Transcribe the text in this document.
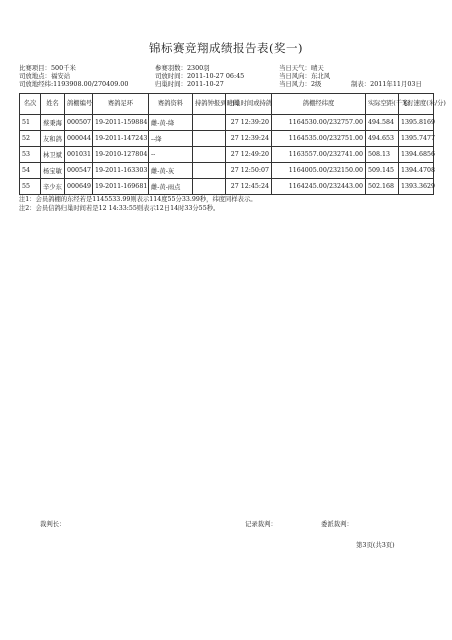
锦标赛竞翔成绩报告表(奖一)
比赛项目：500千米	参赛羽数：2300羽	当日天气：晴天
司放地点：福安站	司放时间：2011-10-27 06:45	当日风向：东北风
司放地经纬:1193908.00/270409.00	归巢时间：2011-10-27	当日风力：2级	制表：2011年11月03日
名次	姓名	鸽棚编号	赛鸽足环	赛鸽资料	持鸽钟报到时间	归巢时间或持鸽	鸽棚经纬度	实际空距(千米)	飞行速度(米/分)
51	蔡秉海	000507	19-2011-159884	雌-黄-绛		27 12:39:20	1164530.00/232757.00	494.584	1395.8169
52	友和鸽	000044	19-2011-147243	--绛		27 12:39:24	1164535.00/232751.00	494.653	1395.7477
53	林卫斌	001031	19-2010-127804	--		27 12:49:20	1163557.00/232741.00	508.13	1394.6856
54	杨宝敏	000547	19-2011-163303	雌-黄-灰		27 12:50:07	1164005.00/232150.00	509.145	1394.4708
55	辛少东	000649	19-2011-169681	雌-黄-雨点		27 12:45:24	1164245.00/232443.00	502.168	1393.3629
注1：会员鸽棚的东经若是1145533.99则表示114度55分33.99秒，纬度同样表示。
注2：会员信鸽归巢时间若是12 14:33:55则表示12日14时33分55秒。
裁判长：	记录裁判：	委派裁判：
第3页(共3页)
